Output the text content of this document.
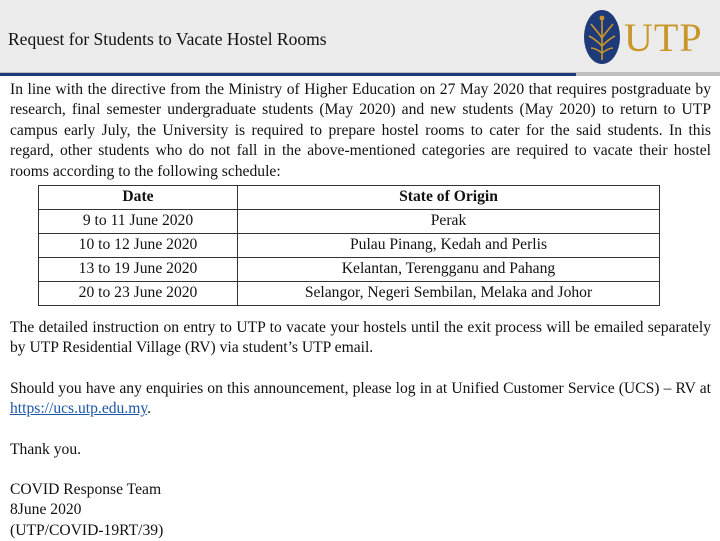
Request for Students to Vacate Hostel Rooms	UTP

In line with the directive from the Ministry of Higher Education on 27 May 2020 that requires postgraduate by research, final semester undergraduate students (May 2020) and new students (May 2020) to return to UTP campus early July, the University is required to prepare hostel rooms to cater for the said students. In this regard, other students who do not fall in the above-mentioned categories are required to vacate their hostel rooms according to the following schedule:

Date	State of Origin
9 to 11 June 2020	Perak
10 to 12 June 2020	Pulau Pinang, Kedah and Perlis
13 to 19 June 2020	Kelantan, Terengganu and Pahang
20 to 23 June 2020	Selangor, Negeri Sembilan, Melaka and Johor

The detailed instruction on entry to UTP to vacate your hostels until the exit process will be emailed separately by UTP Residential Village (RV) via student’s UTP email.

Should you have any enquiries on this announcement, please log in at Unified Customer Service (UCS) – RV at https://ucs.utp.edu.my.

Thank you.

COVID Response Team

8June 2020

(UTP/COVID-19RT/39)
